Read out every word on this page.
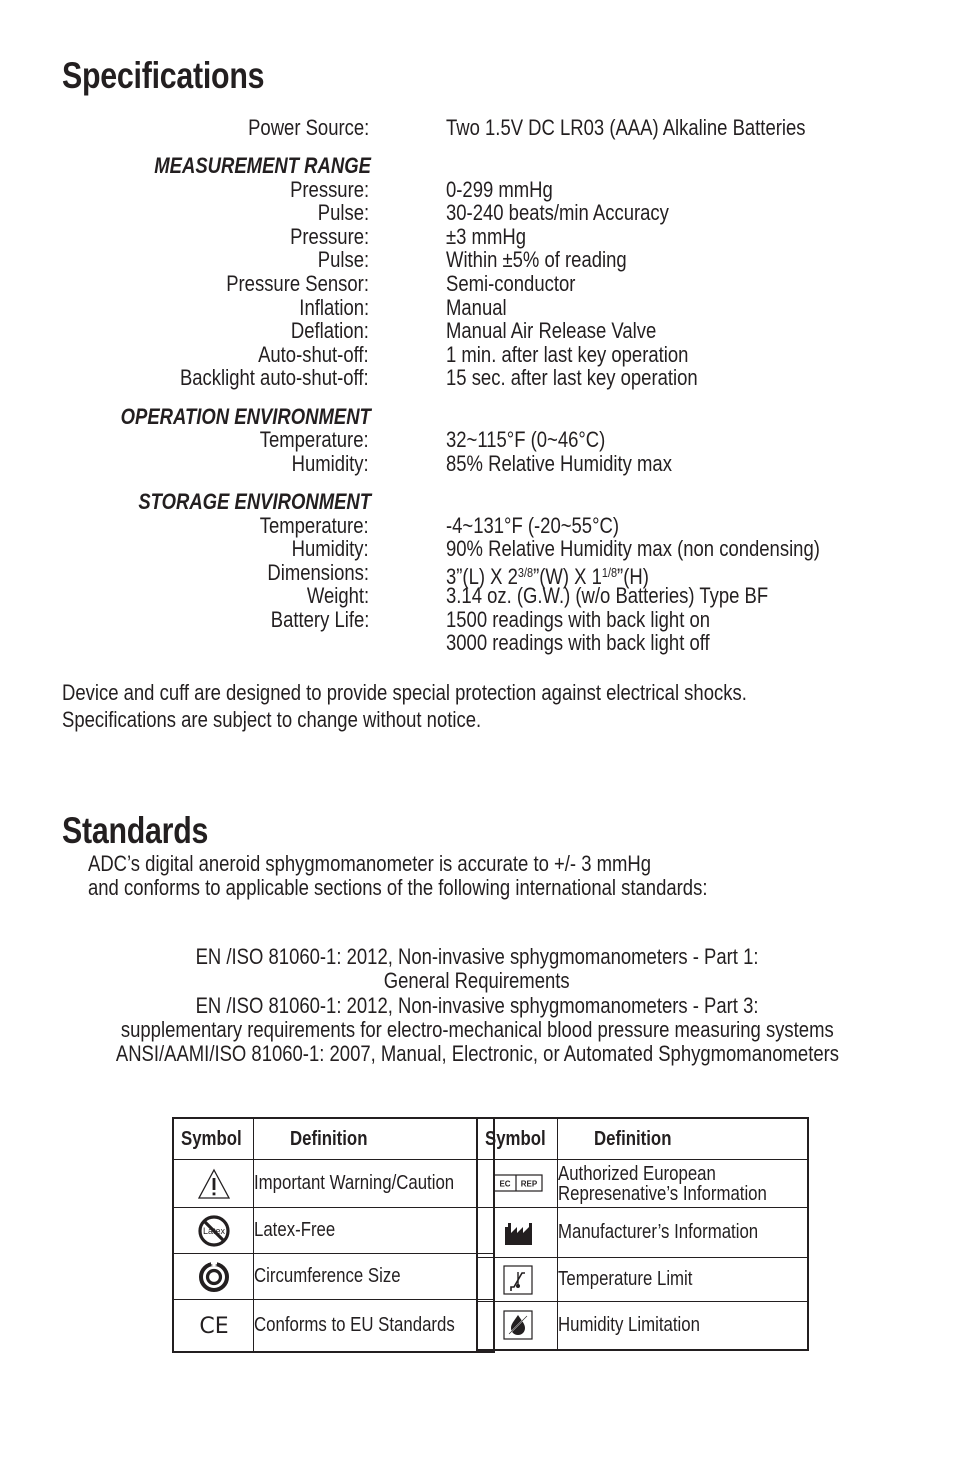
Specifications
Power Source:	Two 1.5V DC LR03 (AAA) Alkaline Batteries
MEASUREMENT RANGE
Pressure:	0-299 mmHg
Pulse:	30-240 beats/min Accuracy
Pressure:	±3 mmHg
Pulse:	Within ±5% of reading
Pressure Sensor:	Semi-conductor
Inflation:	Manual
Deflation:	Manual Air Release Valve
Auto-shut-off:	1 min. after last key operation
Backlight auto-shut-off:	15 sec. after last key operation
OPERATION ENVIRONMENT
Temperature:	32~115°F (0~46°C)
Humidity:	85% Relative Humidity max
STORAGE ENVIRONMENT
Temperature:	-4~131°F (-20~55°C)
Humidity:	90% Relative Humidity max (non condensing)
Dimensions:	3”(L) X $2^{3/8}”(W)$ X $1^{1/8}”(H)$
Weight:	3.14 oz. (G.W.) (w/o Batteries) Type BF
Battery Life:	1500 readings with back light on
3000 readings with back light off
Device and cuff are designed to provide special protection against electrical shocks.
Specifications are subject to change without notice.
Standards
ADC’s digital aneroid sphygmomanometer is accurate to +/- 3 mmHg
and conforms to applicable sections of the following international standards:
EN /ISO 81060-1: 2012, Non-invasive sphygmomanometers - Part 1:
General Requirements
EN /ISO 81060-1: 2012, Non-invasive sphygmomanometers - Part 3:
supplementary requirements for electro-mechanical blood pressure measuring systems
ANSI/AAMI/ISO 81060-1: 2007, Manual, Electronic, or Automated Sphygmomanometers
Symbol	Definition
	Important Warning/Caution

Latex	Latex-Free
	Circumference Size

CE	Conforms to EU Standards
Symbol	Definition

EC REP	Authorized European
Represenative’s Information
	Manufacturer’s Information
	Temperature Limit
	Humidity Limitation
